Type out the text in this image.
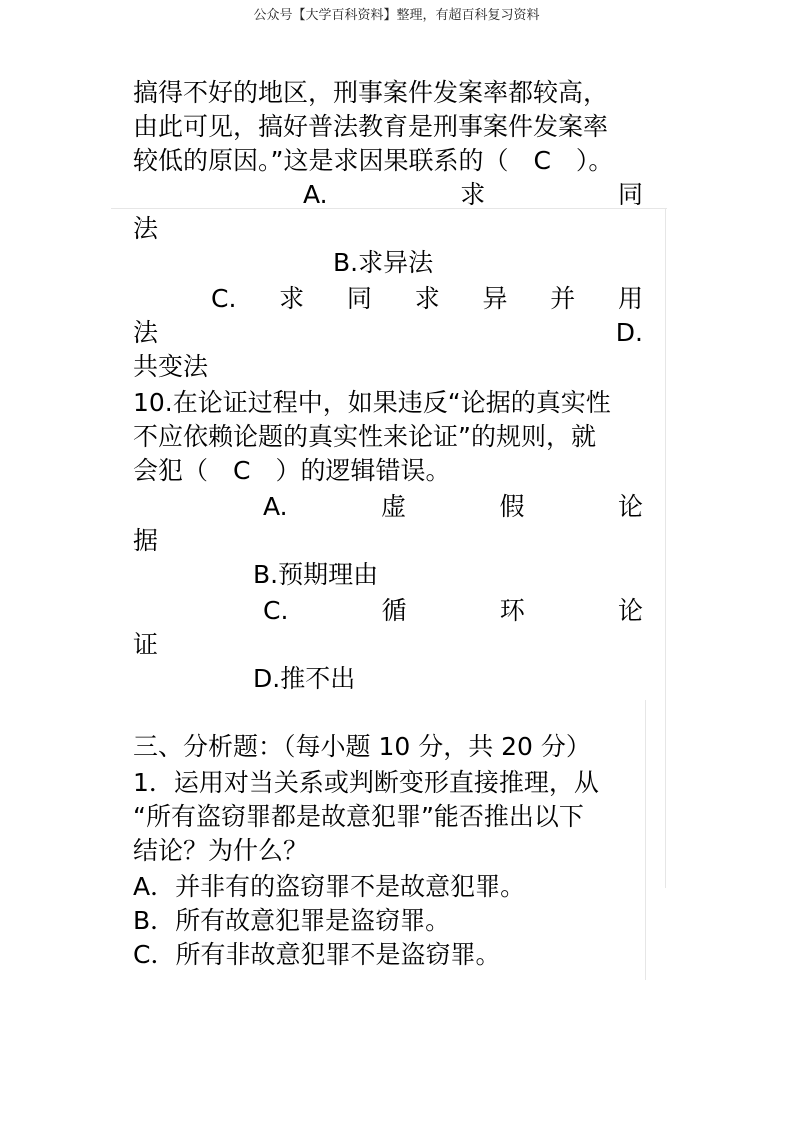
公众号【大学百科资料】整理，有超百科复习资料
搞得不好的地区，刑事案件发案率都较高，
由此可见，搞好普法教育是刑事案件发案率
较低的原因。”这是求因果联系的（　C　）。
A.	求	同
法
B.求异法
C. 求 同 求 异 并 用
法	D.
共变法
10.在论证过程中，如果违反“论据的真实性
不应依赖论题的真实性来论证”的规则，就
会犯（　C　）的逻辑错误。
A.	虚	假	论
据
B.预期理由
C.	循	环	论
证
D.推不出
三、分析题：（每小题 10 分，共 20 分）
1．运用对当关系或判断变形直接推理，从
“所有盗窃罪都是故意犯罪”能否推出以下
结论？为什么？
A．并非有的盗窃罪不是故意犯罪。
B．所有故意犯罪是盗窃罪。
C．所有非故意犯罪不是盗窃罪。
